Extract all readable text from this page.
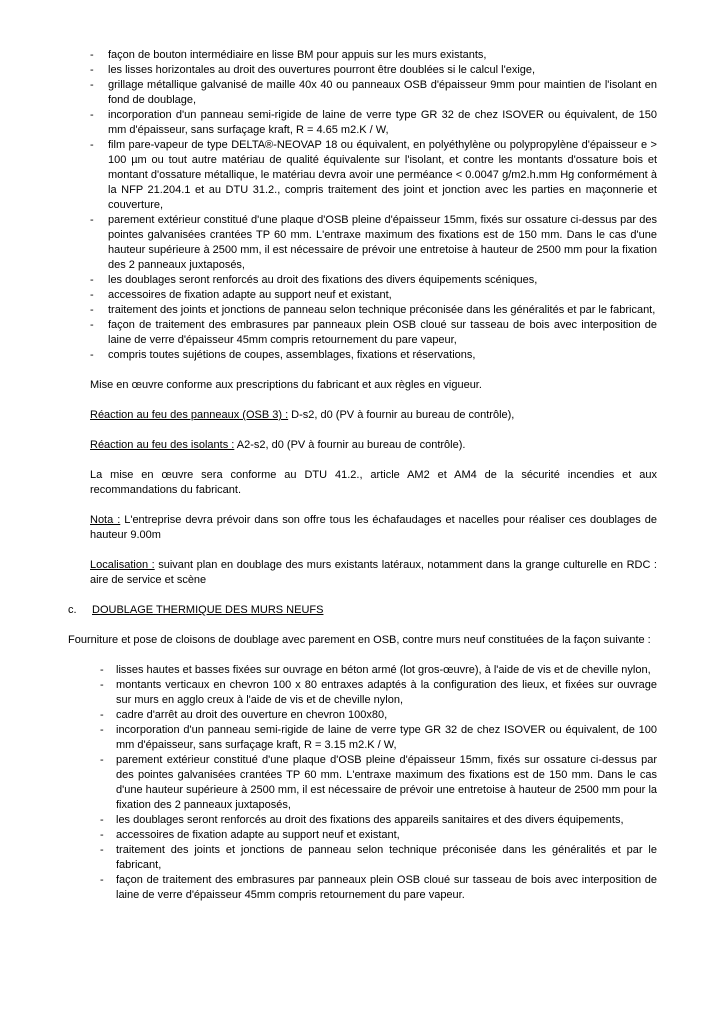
- façon de bouton intermédiaire en lisse BM pour appuis sur les murs existants,
- les lisses horizontales au droit des ouvertures pourront être doublées si le calcul l'exige,
- grillage métallique galvanisé de maille 40x 40 ou panneaux OSB d'épaisseur 9mm pour maintien de l'isolant en fond de doublage,
- incorporation d'un panneau semi-rigide de laine de verre type GR 32 de chez ISOVER ou équivalent, de 150 mm d'épaisseur, sans surfaçage kraft, R = 4.65 m2.K / W,
- film pare-vapeur de type DELTA®-NEOVAP 18 ou équivalent, en polyéthylène ou polypropylène d'épaisseur e > 100 µm ou tout autre matériau de qualité équivalente sur l'isolant, et contre les montants d'ossature bois et montant d'ossature métallique, le matériau devra avoir une perméance < 0.0047 g/m2.h.mm Hg conformément à la NFP 21.204.1 et au DTU 31.2., compris traitement des joint et jonction avec les parties en maçonnerie et couverture,
- parement extérieur constitué d'une plaque d'OSB pleine d'épaisseur 15mm, fixés sur ossature ci-dessus par des pointes galvanisées crantées TP 60 mm. L'entraxe maximum des fixations est de 150 mm. Dans le cas d'une hauteur supérieure à 2500 mm, il est nécessaire de prévoir une entretoise à hauteur de 2500 mm pour la fixation des 2 panneaux juxtaposés,
- les doublages seront renforcés au droit des fixations des divers équipements scéniques,
- accessoires de fixation adapte au support neuf et existant,
- traitement des joints et jonctions de panneau selon technique préconisée dans les généralités et par le fabricant,
- façon de traitement des embrasures par panneaux plein OSB cloué sur tasseau de bois avec interposition de laine de verre d'épaisseur 45mm compris retournement du pare vapeur,
- compris toutes sujétions de coupes, assemblages, fixations et réservations,

Mise en œuvre conforme aux prescriptions du fabricant et aux règles en vigueur.

Réaction au feu des panneaux (OSB 3) : D-s2, d0 (PV à fournir au bureau de contrôle),

Réaction au feu des isolants : A2-s2, d0 (PV à fournir au bureau de contrôle).

La mise en œuvre sera conforme au DTU 41.2., article AM2 et AM4 de la sécurité incendies et aux recommandations du fabricant.

Nota : L'entreprise devra prévoir dans son offre tous les échafaudages et nacelles pour réaliser ces doublages de hauteur 9.00m

Localisation : suivant plan en doublage des murs existants latéraux, notamment dans la grange culturelle en RDC : aire de service et scène

c.	DOUBLAGE THERMIQUE DES MURS NEUFS

Fourniture et pose de cloisons de doublage avec parement en OSB, contre murs neuf constituées de la façon suivante :

- lisses hautes et basses fixées sur ouvrage en béton armé (lot gros-œuvre), à l'aide de vis et de cheville nylon,
- montants verticaux en chevron 100 x 80 entraxes adaptés à la configuration des lieux, et fixées sur ouvrage sur murs en agglo creux à l'aide de vis et de cheville nylon,
- cadre d'arrêt au droit des ouverture en chevron 100x80,
- incorporation d'un panneau semi-rigide de laine de verre type GR 32 de chez ISOVER ou équivalent, de 100 mm d'épaisseur, sans surfaçage kraft, R = 3.15 m2.K / W,
- parement extérieur constitué d'une plaque d'OSB pleine d'épaisseur 15mm, fixés sur ossature ci-dessus par des pointes galvanisées crantées TP 60 mm. L'entraxe maximum des fixations est de 150 mm. Dans le cas d'une hauteur supérieure à 2500 mm, il est nécessaire de prévoir une entretoise à hauteur de 2500 mm pour la fixation des 2 panneaux juxtaposés,
- les doublages seront renforcés au droit des fixations des appareils sanitaires et des divers équipements,
- accessoires de fixation adapte au support neuf et existant,
- traitement des joints et jonctions de panneau selon technique préconisée dans les généralités et par le fabricant,
- façon de traitement des embrasures par panneaux plein OSB cloué sur tasseau de bois avec interposition de laine de verre d'épaisseur 45mm compris retournement du pare vapeur.
